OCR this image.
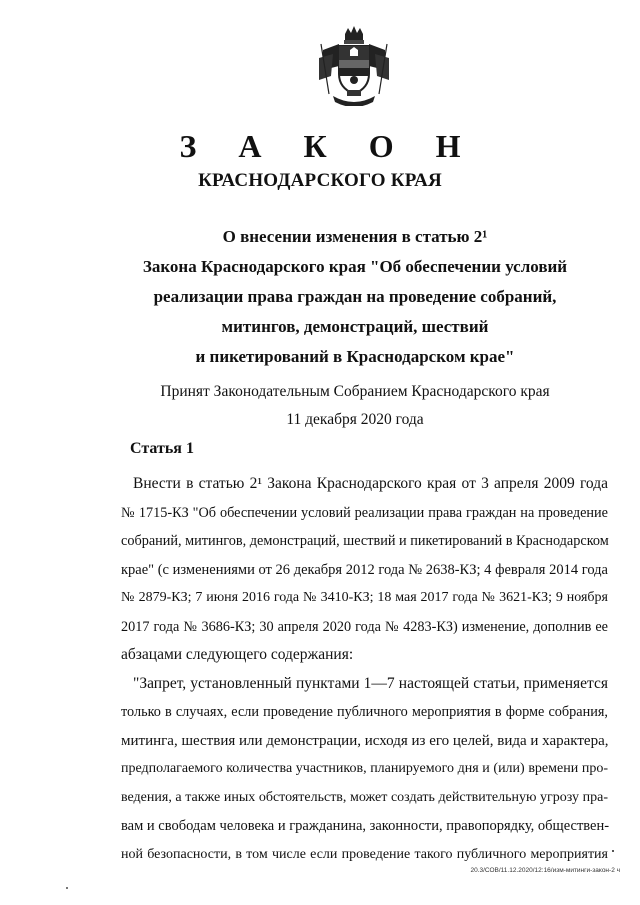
З А К О Н
КРАСНОДАРСКОГО КРАЯ
О внесении изменения в статью 2¹
Закона Краснодарского края "Об обеспечении условий
реализации права граждан на проведение собраний,
митингов, демонстраций, шествий
и пикетирований в Краснодарском крае"
Принят Законодательным Собранием Краснодарского края
11 декабря 2020 года
Статья 1
Внести в статью 2¹ Закона Краснодарского края от 3 апреля 2009 года
№ 1715-КЗ "Об обеспечении условий реализации права граждан на проведение
собраний, митингов, демонстраций, шествий и пикетирований в Краснодарском
крае" (с изменениями от 26 декабря 2012 года № 2638-КЗ; 4 февраля 2014 года
№ 2879-КЗ; 7 июня 2016 года № 3410-КЗ; 18 мая 2017 года № 3621-КЗ; 9 ноября
2017 года № 3686-КЗ; 30 апреля 2020 года № 4283-КЗ) изменение, дополнив ее
абзацами следующего содержания:
"Запрет, установленный пунктами 1—7 настоящей статьи, применяется
только в случаях, если проведение публичного мероприятия в форме собрания,
митинга, шествия или демонстрации, исходя из его целей, вида и характера,
предполагаемого количества участников, планируемого дня и (или) времени про-
ведения, а также иных обстоятельств, может создать действительную угрозу пра-
вам и свободам человека и гражданина, законности, правопорядку, обществен-
ной безопасности, в том числе если проведение такого публичного мероприятия
20.3/СОВ/11.12.2020/12:16/изм-митинги-закон-2 ч
